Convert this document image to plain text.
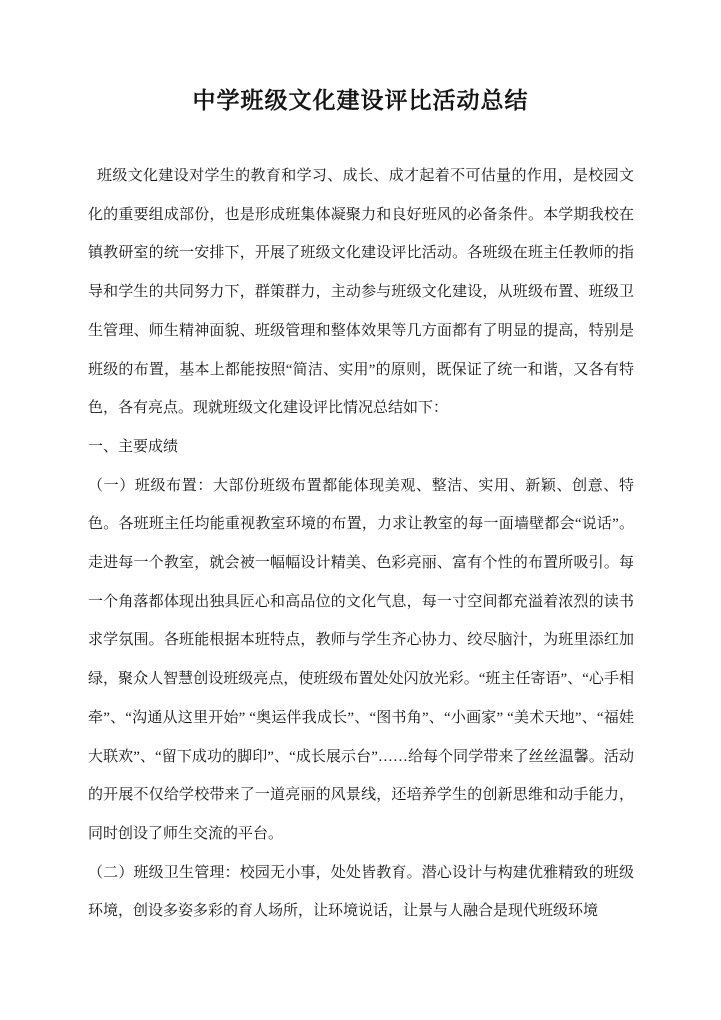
中学班级文化建设评比活动总结

班级文化建设对学生的教育和学习、成长、成才起着不可估量的作用，是校园文化的重要组成部份，也是形成班集体凝聚力和良好班风的必备条件。本学期我校在镇教研室的统一安排下，开展了班级文化建设评比活动。各班级在班主任教师的指导和学生的共同努力下，群策群力，主动参与班级文化建设，从班级布置、班级卫生管理、师生精神面貌、班级管理和整体效果等几方面都有了明显的提高，特别是班级的布置，基本上都能按照“简洁、实用”的原则，既保证了统一和谐，又各有特色，各有亮点。现就班级文化建设评比情况总结如下：

一、主要成绩

（一）班级布置：大部份班级布置都能体现美观、整洁、实用、新颖、创意、特色。各班班主任均能重视教室环境的布置，力求让教室的每一面墙壁都会“说话”。走进每一个教室，就会被一幅幅设计精美、色彩亮丽、富有个性的布置所吸引。每一个角落都体现出独具匠心和高品位的文化气息，每一寸空间都充溢着浓烈的读书求学氛围。各班能根据本班特点，教师与学生齐心协力、绞尽脑汁，为班里添红加绿，聚众人智慧创设班级亮点，使班级布置处处闪放光彩。“班主任寄语”、“心手相牵”、“沟通从这里开始” “奥运伴我成长”、“图书角”、“小画家” “美术天地”、“福娃大联欢”、“留下成功的脚印”、“成长展示台”……给每个同学带来了丝丝温馨。活动的开展不仅给学校带来了一道亮丽的风景线，还培养学生的创新思维和动手能力，同时创设了师生交流的平台。

（二）班级卫生管理：校园无小事，处处皆教育。潜心设计与构建优雅精致的班级环境，创设多姿多彩的育人场所，让环境说话，让景与人融合是现代班级环境
